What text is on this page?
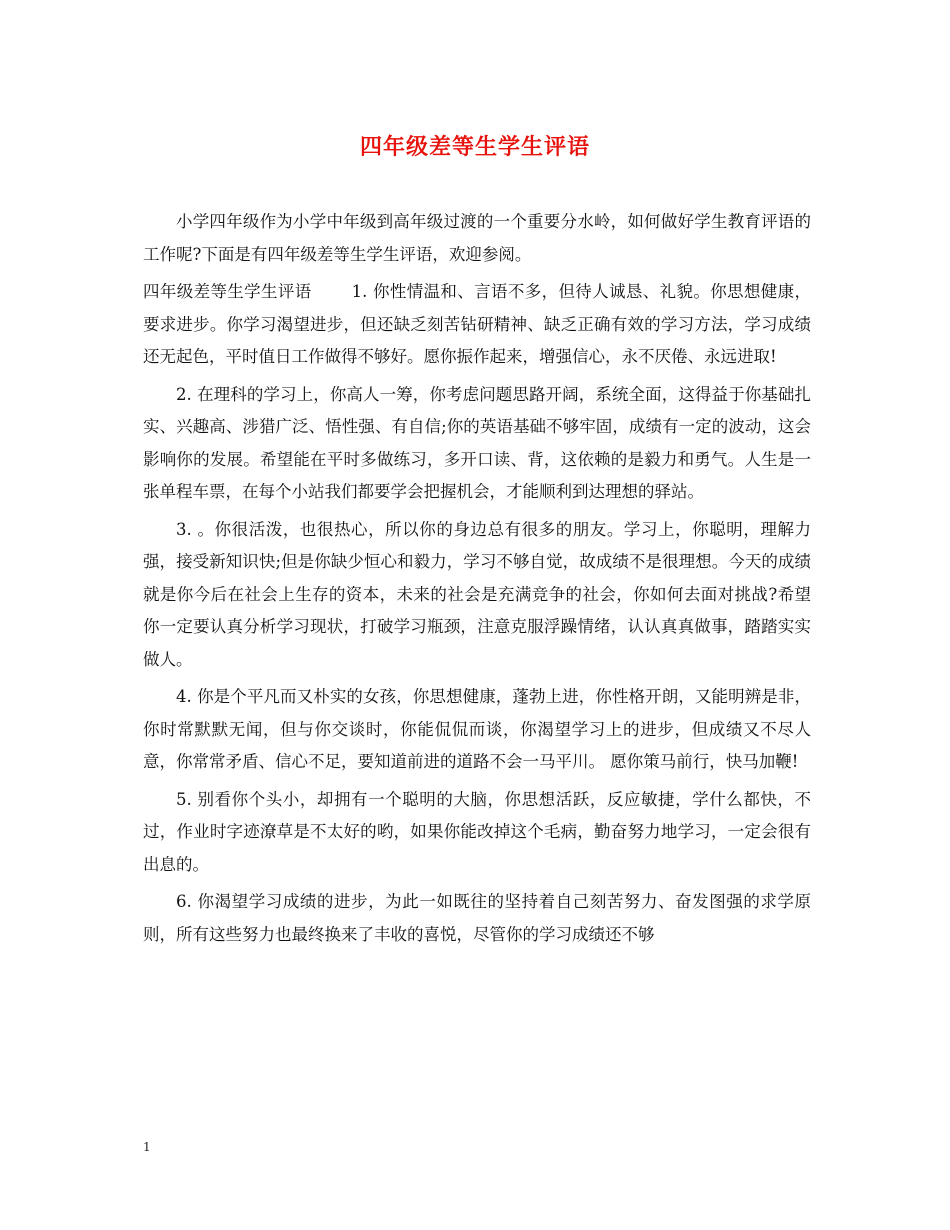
四年级差等生学生评语

小学四年级作为小学中年级到高年级过渡的一个重要分水岭，如何做好学生教育评语的工作呢?下面是有四年级差等生学生评语，欢迎参阅。

四年级差等生学生评语 1. 你性情温和、言语不多，但待人诚恳、礼貌。你思想健康，要求进步。你学习渴望进步，但还缺乏刻苦钻研精神、缺乏正确有效的学习方法，学习成绩还无起色，平时值日工作做得不够好。愿你振作起来，增强信心，永不厌倦、永远进取!

2. 在理科的学习上，你高人一筹，你考虑问题思路开阔，系统全面，这得益于你基础扎实、兴趣高、涉猎广泛、悟性强、有自信;你的英语基础不够牢固，成绩有一定的波动，这会影响你的发展。希望能在平时多做练习，多开口读、背，这依赖的是毅力和勇气。人生是一张单程车票，在每个小站我们都要学会把握机会，才能顺利到达理想的驿站。

3. 。你很活泼，也很热心，所以你的身边总有很多的朋友。学习上，你聪明，理解力强，接受新知识快;但是你缺少恒心和毅力，学习不够自觉，故成绩不是很理想。今天的成绩就是你今后在社会上生存的资本，未来的社会是充满竞争的社会，你如何去面对挑战?希望你一定要认真分析学习现状，打破学习瓶颈，注意克服浮躁情绪，认认真真做事，踏踏实实做人。

4. 你是个平凡而又朴实的女孩，你思想健康，蓬勃上进，你性格开朗，又能明辨是非，你时常默默无闻，但与你交谈时，你能侃侃而谈，你渴望学习上的进步，但成绩又不尽人意，你常常矛盾、信心不足，要知道前进的道路不会一马平川。 愿你策马前行，快马加鞭!

5. 别看你个头小，却拥有一个聪明的大脑，你思想活跃，反应敏捷，学什么都快，不过，作业时字迹潦草是不太好的哟，如果你能改掉这个毛病，勤奋努力地学习，一定会很有出息的。

6. 你渴望学习成绩的进步，为此一如既往的坚持着自己刻苦努力、奋发图强的求学原则，所有这些努力也最终换来了丰收的喜悦，尽管你的学习成绩还不够

1
